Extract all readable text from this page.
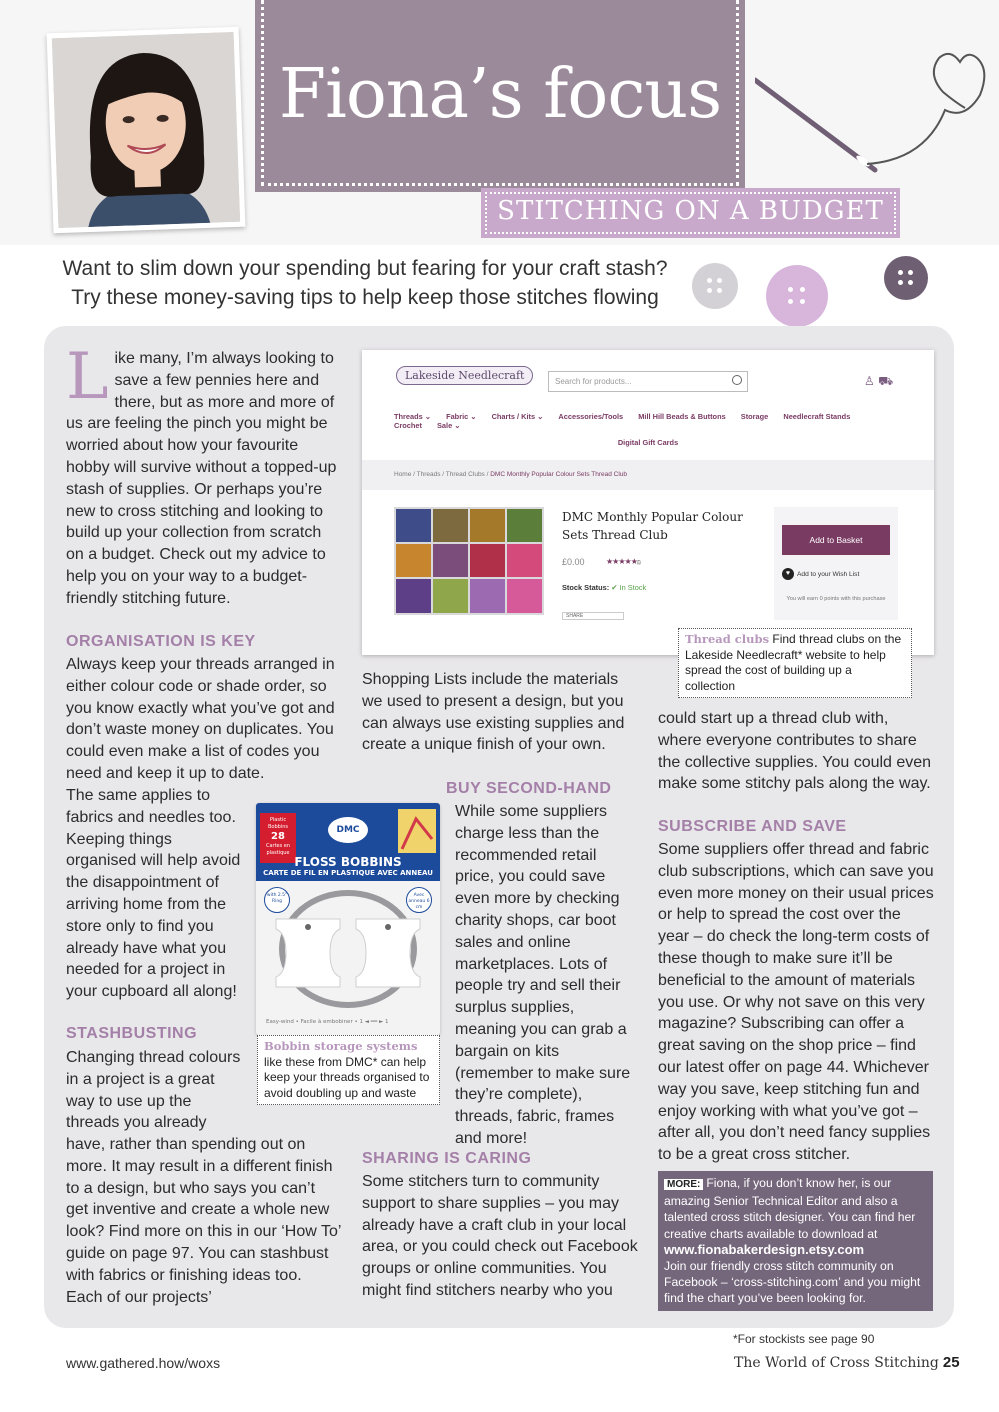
Fiona’s focus
STITCHING ON A BUDGET
Want to slim down your spending but fearing for your craft stash?
Try these money-saving tips to help keep those stitches flowing
L ike many, I’m always looking to save a few pennies here and there, but as more and more of us are feeling the pinch you might be worried about how your favourite hobby will survive without a topped-up stash of supplies. Or perhaps you’re new to cross stitching and looking to build up your collection from scratch on a budget. Check out my advice to help you on your way to a budget-friendly stitching future.

ORGANISATION IS KEY
Always keep your threads arranged in either colour code or shade order, so you know exactly what you’ve got and don’t waste money on duplicates. You could even make a list of codes you need and keep it up to date.
The same applies to fabrics and needles too. Keeping things organised will help avoid the disappointment of arriving home from the store only to find you already have what you needed for a project in your cupboard all along!
STASHBUSTING
Changing thread colours in a project is a great way to use up the threads you already
have, rather than spending out on more. It may result in a different finish to a design, but who says you can’t get inventive and create a whole new look? Find more on this in our ‘How To’ guide on page 97. You can stashbust with fabrics or finishing ideas too. Each of our projects’
Lakeside Needlecraft	Search for products...	♙ ⛟
Threads ⌄ Fabric ⌄ Charts / Kits ⌄ Accessories/Tools Mill Hill Beads & Buttons Storage Needlecraft Stands Crochet Sale ⌄
Digital Gift Cards
Home / Threads / Thread Clubs / DMC Monthly Popular Colour Sets Thread Club
DMC Monthly Popular Colour Sets Thread Club
£0.00	★★★★★(1)
Stock Status: ✔ In Stock
SHARE
Add to Basket
♥ Add to your Wish List
You will earn 0 points with this purchase
Thread clubs Find thread clubs on the Lakeside Needlecraft* website to help spread the cost of building up a collection
Shopping Lists include the materials we used to present a design, but you can always use existing supplies and create a unique finish of your own.
BUY SECOND-HAND
While some suppliers charge less than the recommended retail price, you could save even more by checking charity shops, car boot sales and online marketplaces. Lots of people try and sell their surplus supplies, meaning you can grab a bargain on kits (remember to make sure they’re complete), threads, fabric, frames and more!
SHARING IS CARING
Some stitchers turn to community support to share supplies – you may already have a craft club in your local area, or you could check out Facebook groups or online communities. You might find stitchers nearby who you
Plastic Bobbins
28
Cartes en plastique
DMC
FLOSS BOBBINS
CARTE DE FIL EN PLASTIQUE AVEC ANNEAU
with 2.5" Ring
Avec anneau 6 cm
Easy-wind • Facile à embobiner • 1 ◄ ━━ ► 1
Bobbin storage systems
like these from DMC* can help keep your threads organised to avoid doubling up and waste
could start up a thread club with, where everyone contributes to share the collective supplies. You could even make some stitchy pals along the way.
SUBSCRIBE AND SAVE
Some suppliers offer thread and fabric club subscriptions, which can save you even more money on their usual prices or help to spread the cost over the year – do check the long-term costs of these though to make sure it’ll be beneficial to the amount of materials you use. Or why not save on this very magazine? Subscribing can offer a great saving on the shop price – find our latest offer on page 44. Whichever way you save, keep stitching fun and enjoy working with what you’ve got – after all, you don’t need fancy supplies to be a great cross stitcher.
MORE: Fiona, if you don’t know her, is our amazing Senior Technical Editor and also a talented cross stitch designer. You can find her creative charts available to download at
www.fionabakerdesign.etsy.com
Join our friendly cross stitch community on Facebook – ‘cross-stitching.com’ and you might find the chart you’ve been looking for.
*For stockists see page 90
www.gathered.how/woxs	The World of Cross Stitching 25
